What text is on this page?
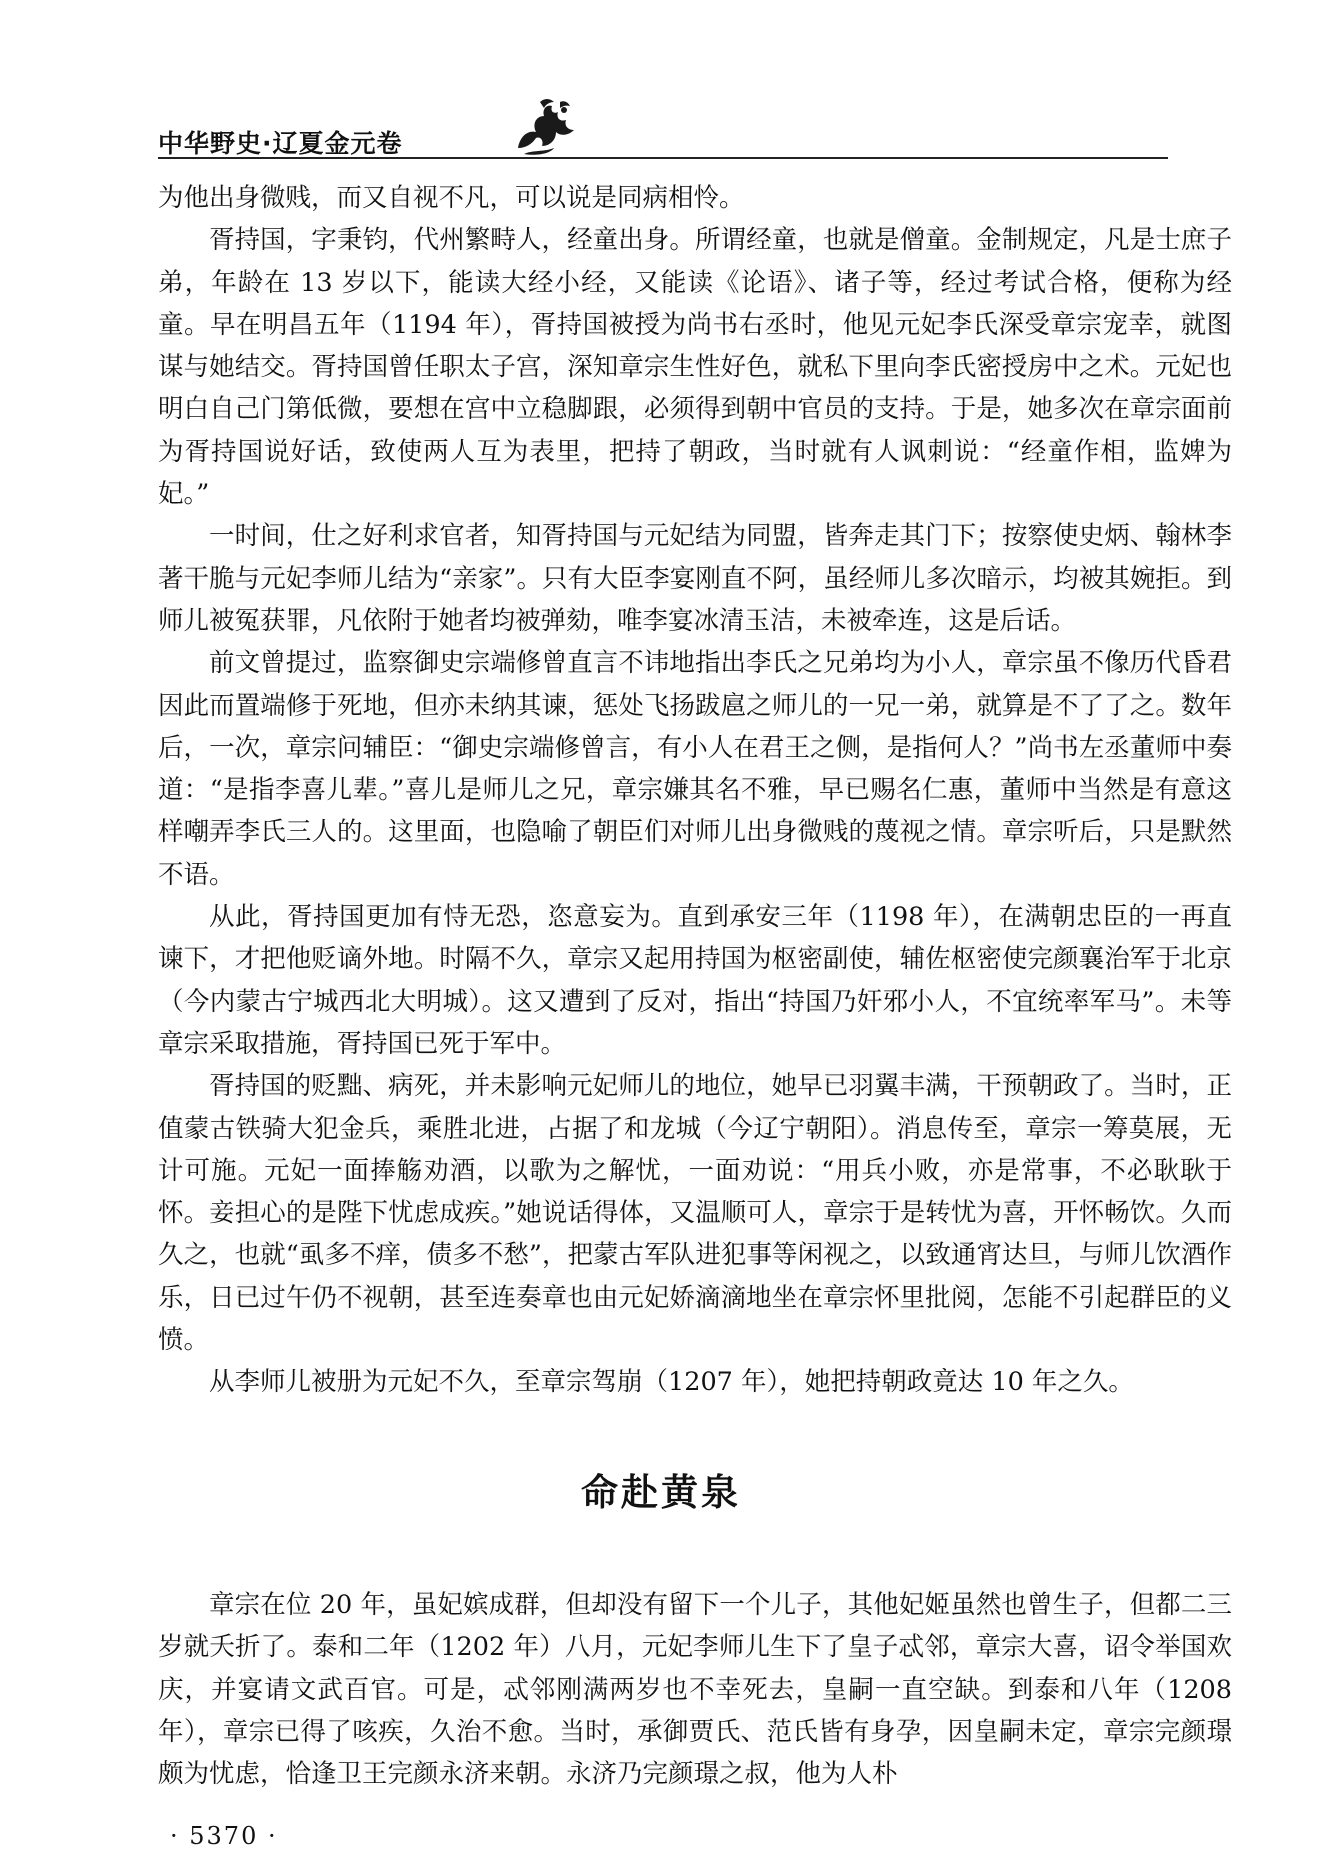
中华野史·辽夏金元卷

为他出身微贱，而又自视不凡，可以说是同病相怜。

胥持国，字秉钧，代州繁畤人，经童出身。所谓经童，也就是僧童。金制规定，凡是士庶子弟，年龄在 13 岁以下，能读大经小经，又能读《论语》、诸子等，经过考试合格，便称为经童。早在明昌五年（1194 年），胥持国被授为尚书右丞时，他见元妃李氏深受章宗宠幸，就图谋与她结交。胥持国曾任职太子宫，深知章宗生性好色，就私下里向李氏密授房中之术。元妃也明白自己门第低微，要想在宫中立稳脚跟，必须得到朝中官员的支持。于是，她多次在章宗面前为胥持国说好话，致使两人互为表里，把持了朝政，当时就有人讽刺说：“经童作相，监婢为妃。”

一时间，仕之好利求官者，知胥持国与元妃结为同盟，皆奔走其门下；按察使史炳、翰林李著干脆与元妃李师儿结为“亲家”。只有大臣李宴刚直不阿，虽经师儿多次暗示，均被其婉拒。到师儿被冤获罪，凡依附于她者均被弹劾，唯李宴冰清玉洁，未被牵连，这是后话。

前文曾提过，监察御史宗端修曾直言不讳地指出李氏之兄弟均为小人，章宗虽不像历代昏君因此而置端修于死地，但亦未纳其谏，惩处飞扬跋扈之师儿的一兄一弟，就算是不了了之。数年后，一次，章宗问辅臣：“御史宗端修曾言，有小人在君王之侧，是指何人？”尚书左丞董师中奏道：“是指李喜儿辈。”喜儿是师儿之兄，章宗嫌其名不雅，早已赐名仁惠，董师中当然是有意这样嘲弄李氏三人的。这里面，也隐喻了朝臣们对师儿出身微贱的蔑视之情。章宗听后，只是默然不语。

从此，胥持国更加有恃无恐，恣意妄为。直到承安三年（1198 年），在满朝忠臣的一再直谏下，才把他贬谪外地。时隔不久，章宗又起用持国为枢密副使，辅佐枢密使完颜襄治军于北京（今内蒙古宁城西北大明城）。这又遭到了反对，指出“持国乃奸邪小人，不宜统率军马”。未等章宗采取措施，胥持国已死于军中。

胥持国的贬黜、病死，并未影响元妃师儿的地位，她早已羽翼丰满，干预朝政了。当时，正值蒙古铁骑大犯金兵，乘胜北进，占据了和龙城（今辽宁朝阳）。消息传至，章宗一筹莫展，无计可施。元妃一面捧觞劝酒，以歌为之解忧，一面劝说：“用兵小败，亦是常事，不必耿耿于怀。妾担心的是陛下忧虑成疾。”她说话得体，又温顺可人，章宗于是转忧为喜，开怀畅饮。久而久之，也就“虱多不痒，债多不愁”，把蒙古军队进犯事等闲视之，以致通宵达旦，与师儿饮酒作乐，日已过午仍不视朝，甚至连奏章也由元妃娇滴滴地坐在章宗怀里批阅，怎能不引起群臣的义愤。

从李师儿被册为元妃不久，至章宗驾崩（1207 年），她把持朝政竟达 10 年之久。

命赴黄泉

章宗在位 20 年，虽妃嫔成群，但却没有留下一个儿子，其他妃姬虽然也曾生子，但都二三岁就夭折了。泰和二年（1202 年）八月，元妃李师儿生下了皇子忒邻，章宗大喜，诏令举国欢庆，并宴请文武百官。可是，忒邻刚满两岁也不幸死去，皇嗣一直空缺。到泰和八年（1208 年），章宗已得了咳疾，久治不愈。当时，承御贾氏、范氏皆有身孕，因皇嗣未定，章宗完颜璟颇为忧虑，恰逢卫王完颜永济来朝。永济乃完颜璟之叔，他为人朴

· 5370 ·
